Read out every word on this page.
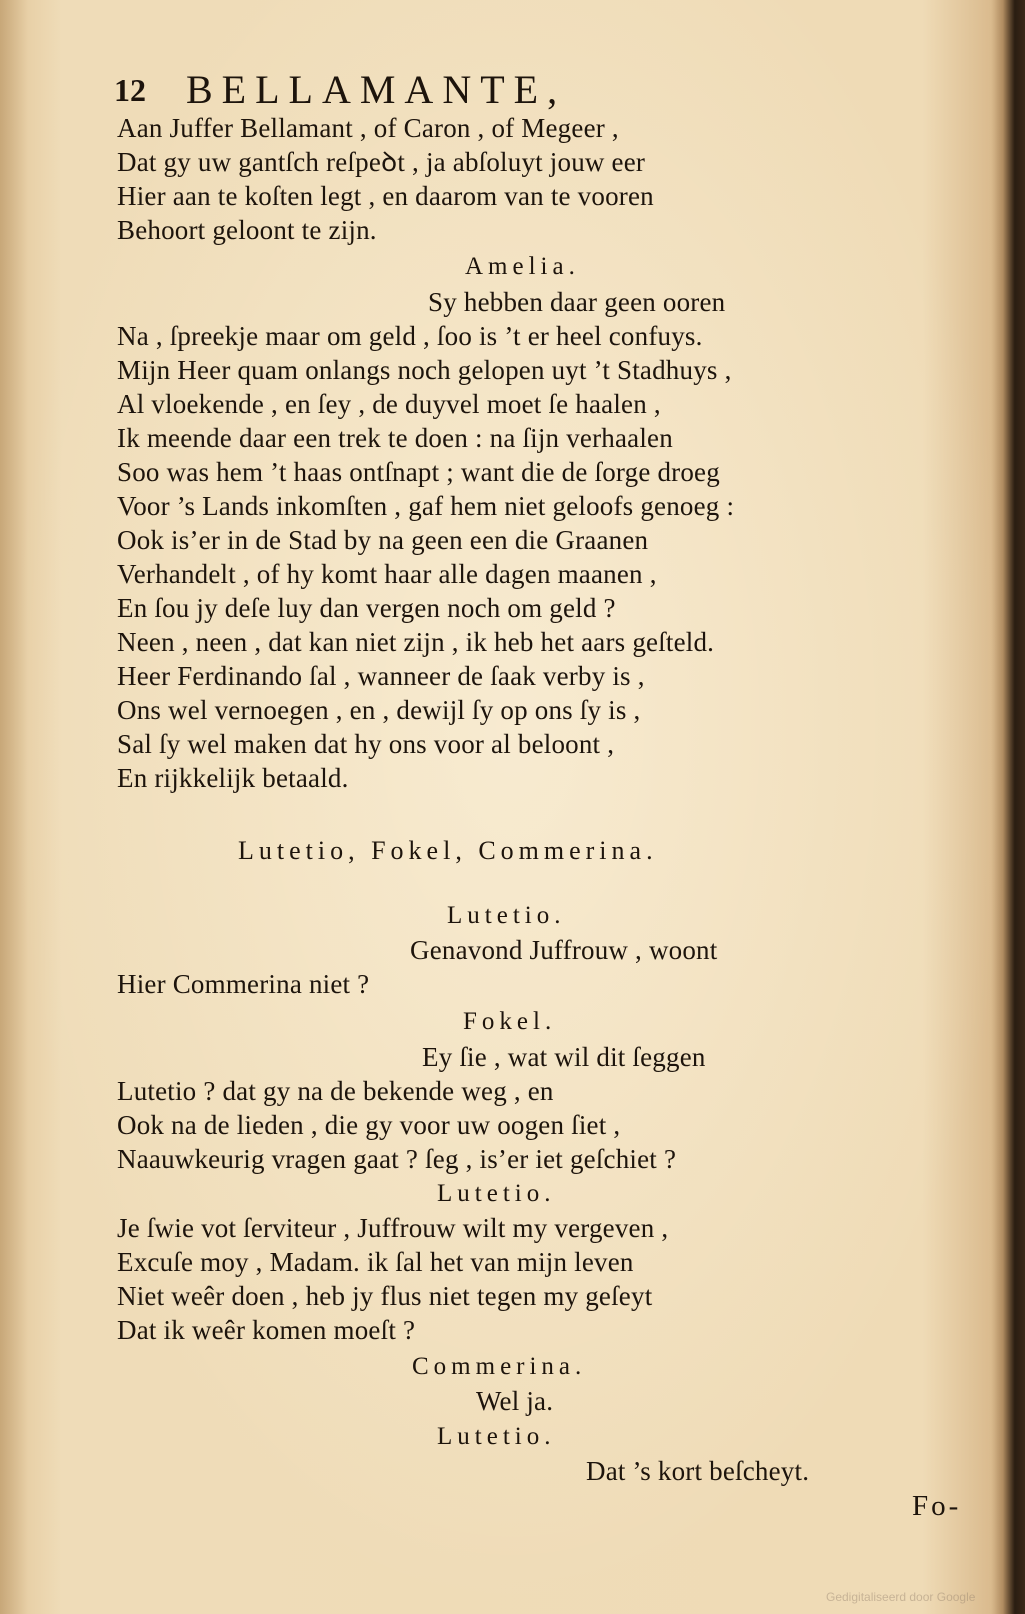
12 BELLAMANTE,
Aan Juffer Bellamant , of Caron , of Megeer ,
Dat gy uw gantſch reſpeꝺt , ja abſoluyt jouw eer
Hier aan te koſten legt , en daarom van te vooren
Behoort geloont te zijn.
Amelia.
Sy hebben daar geen ooren
Na , ſpreekje maar om geld , ſoo is ’t er heel confuys.
Mijn Heer quam onlangs noch gelopen uyt ’t Stadhuys ,
Al vloekende , en ſey , de duyvel moet ſe haalen ,
Ik meende daar een trek te doen : na ſijn verhaalen
Soo was hem ’t haas ontſnapt ; want die de ſorge droeg
Voor ’s Lands inkomſten , gaf hem niet geloofs genoeg :
Ook is’er in de Stad by na geen een die Graanen
Verhandelt , of hy komt haar alle dagen maanen ,
En ſou jy deſe luy dan vergen noch om geld ?
Neen , neen , dat kan niet zijn , ik heb het aars geſteld.
Heer Ferdinando ſal , wanneer de ſaak verby is ,
Ons wel vernoegen , en , dewijl ſy op ons ſy is ,
Sal ſy wel maken dat hy ons voor al beloont ,
En rijkkelijk betaald.
Lutetio, Fokel, Commerina.
Lutetio.
Genavond Juffrouw , woont
Hier Commerina niet ?
Fokel.
Ey ſie , wat wil dit ſeggen
Lutetio ? dat gy na de bekende weg , en
Ook na de lieden , die gy voor uw oogen ſiet ,
Naauwkeurig vragen gaat ? ſeg , is’er iet geſchiet ?
Lutetio.
Je ſwie vot ſerviteur , Juffrouw wilt my vergeven ,
Excuſe moy , Madam. ik ſal het van mijn leven
Niet weêr doen , heb jy flus niet tegen my geſeyt
Dat ik weêr komen moeſt ?
Commerina.
Wel ja.
Lutetio.
Dat ’s kort beſcheyt.
Fo-
Gedigitaliseerd door Google
